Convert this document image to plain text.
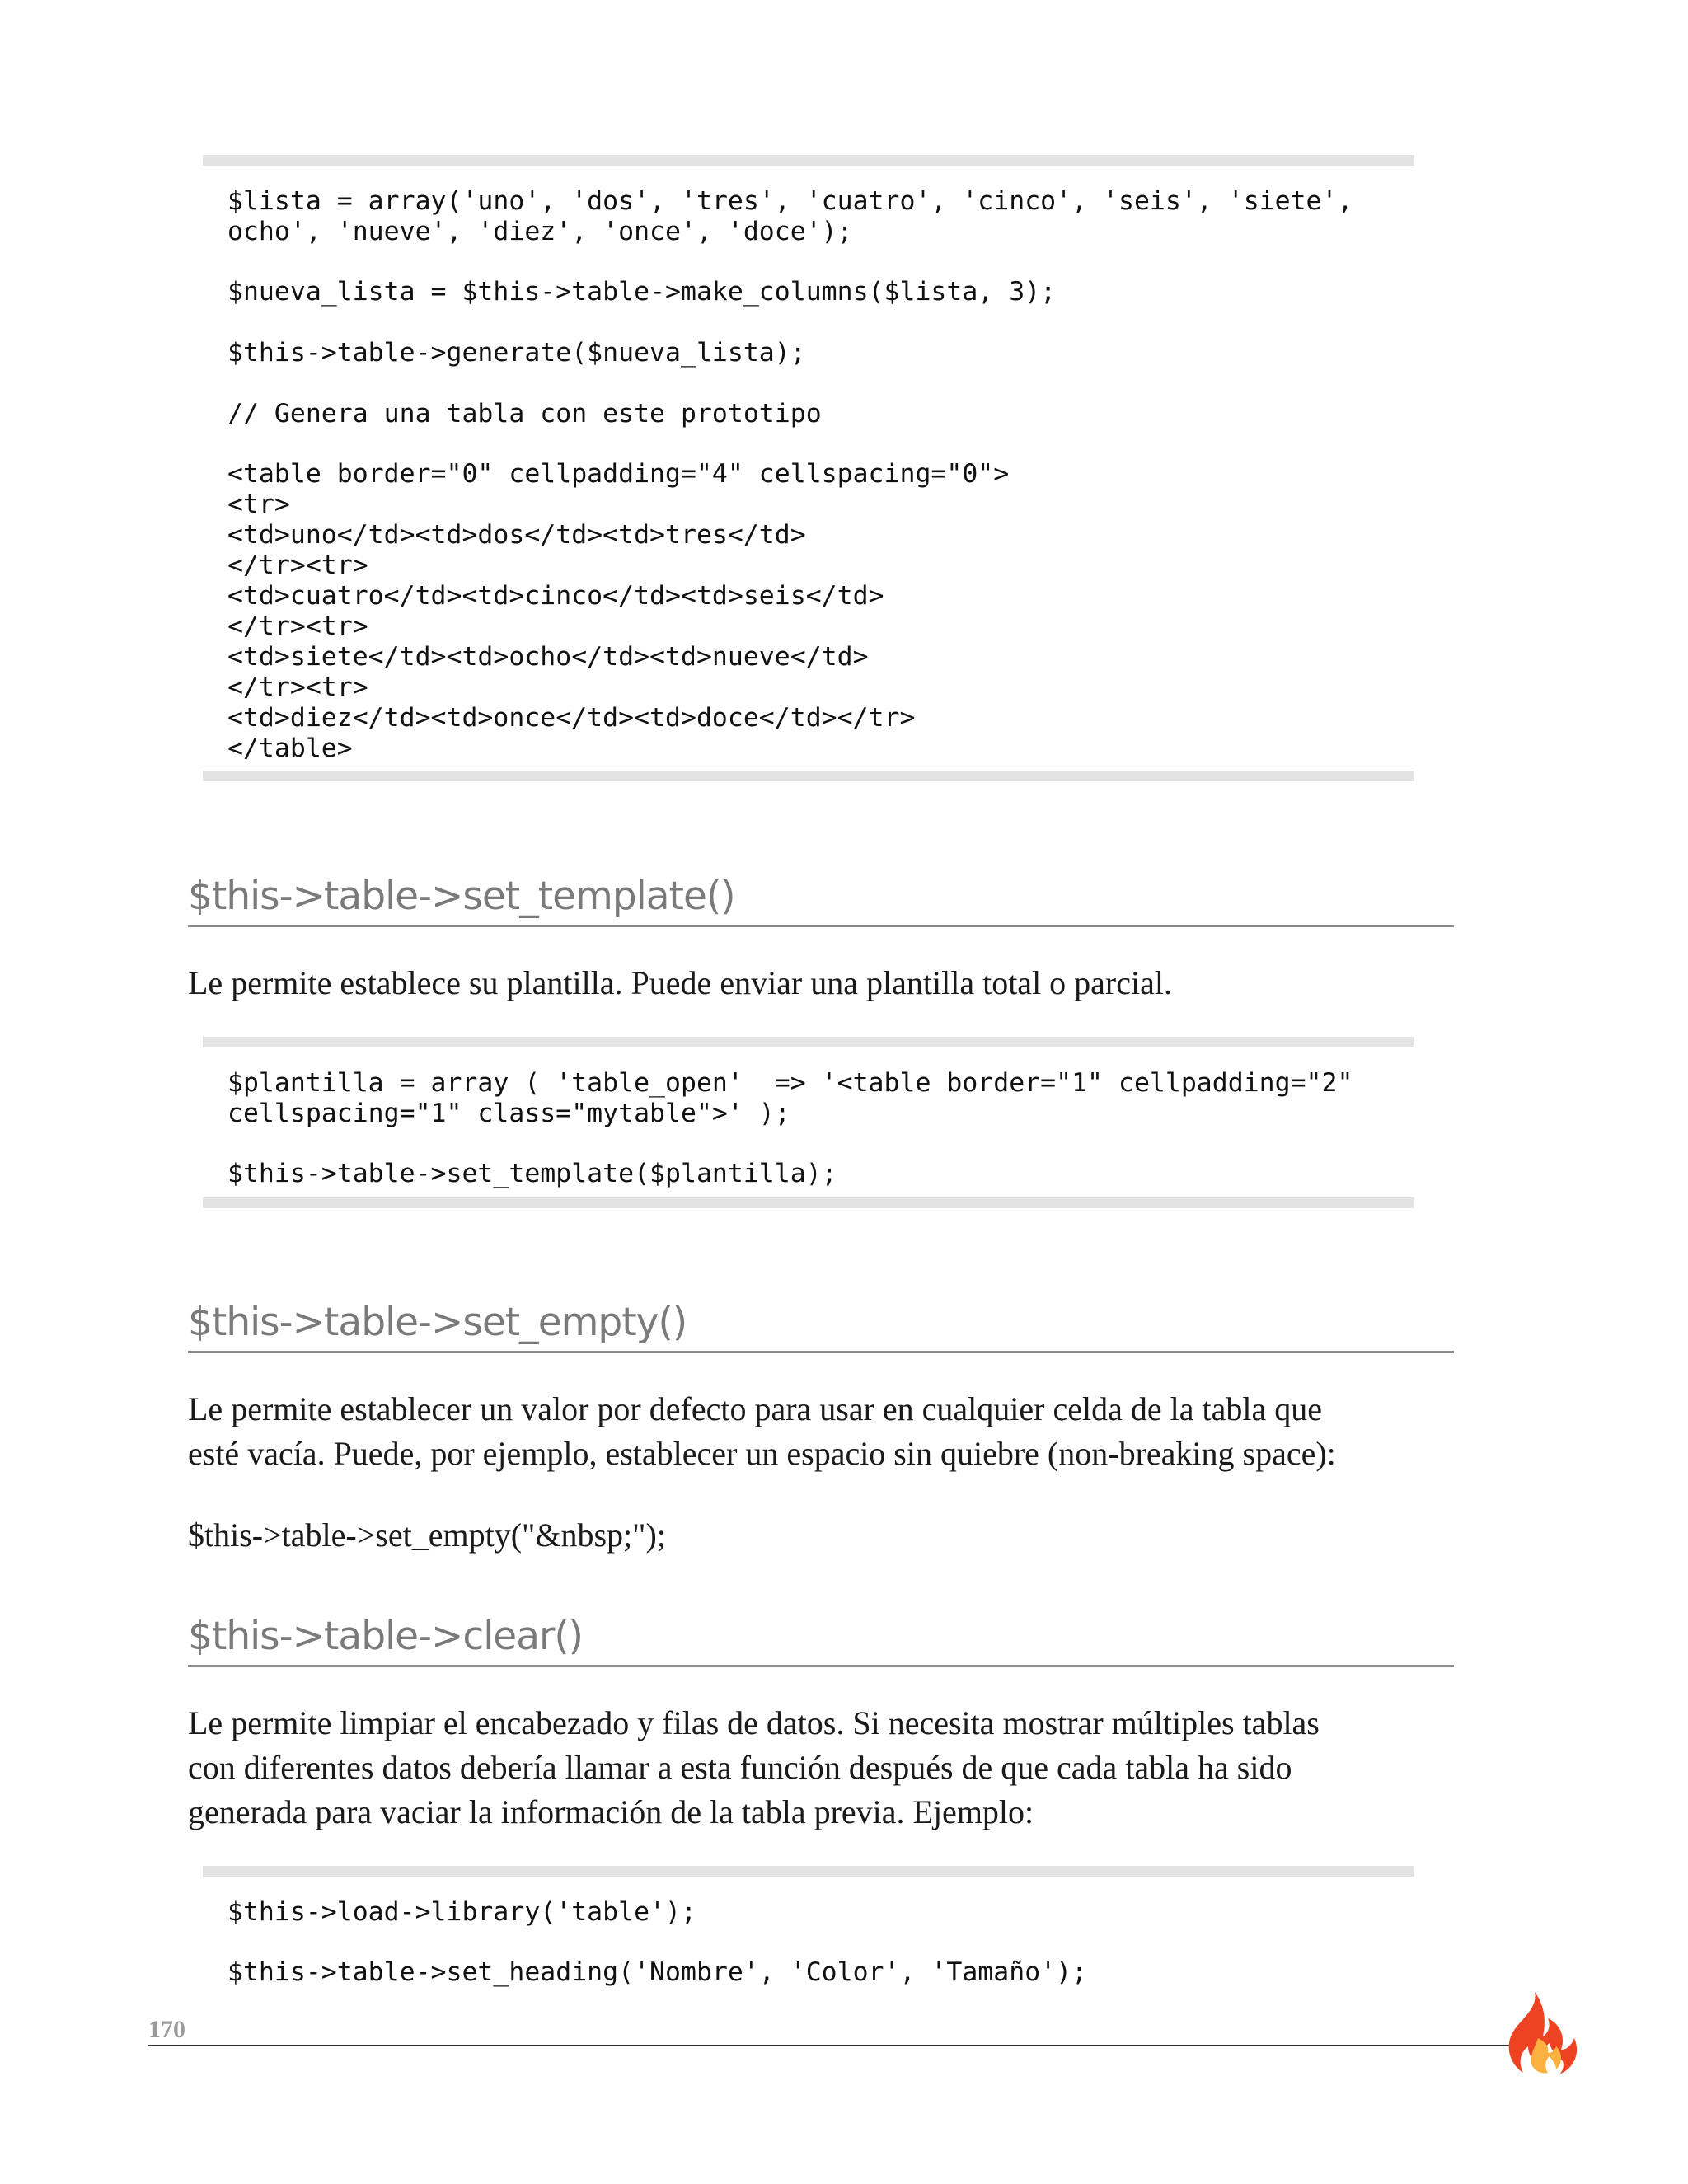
$lista = array('uno', 'dos', 'tres', 'cuatro', 'cinco', 'seis', 'siete',
ocho', 'nueve', 'diez', 'once', 'doce');
$nueva_lista = $this->table->make_columns($lista, 3);
$this->table->generate($nueva_lista);
// Genera una tabla con este prototipo
<table border="0" cellpadding="4" cellspacing="0">
<tr>
<td>uno</td><td>dos</td><td>tres</td>
</tr><tr>
<td>cuatro</td><td>cinco</td><td>seis</td>
</tr><tr>
<td>siete</td><td>ocho</td><td>nueve</td>
</tr><tr>
<td>diez</td><td>once</td><td>doce</td></tr>
</table>
$this->table->set_template()
Le permite establece su plantilla. Puede enviar una plantilla total o parcial.
$plantilla = array ( 'table_open'  => '<table border="1" cellpadding="2"
cellspacing="1" class="mytable">' );
$this->table->set_template($plantilla);
$this->table->set_empty()
Le permite establecer un valor por defecto para usar en cualquier celda de la tabla que
esté vacía. Puede, por ejemplo, establecer un espacio sin quiebre (non-breaking space):
$this->table->set_empty("&nbsp;");
$this->table->clear()
Le permite limpiar el encabezado y filas de datos. Si necesita mostrar múltiples tablas
con diferentes datos debería llamar a esta función después de que cada tabla ha sido
generada para vaciar la información de la tabla previa. Ejemplo:
$this->load->library('table');
$this->table->set_heading('Nombre', 'Color', 'Tamaño');
170
